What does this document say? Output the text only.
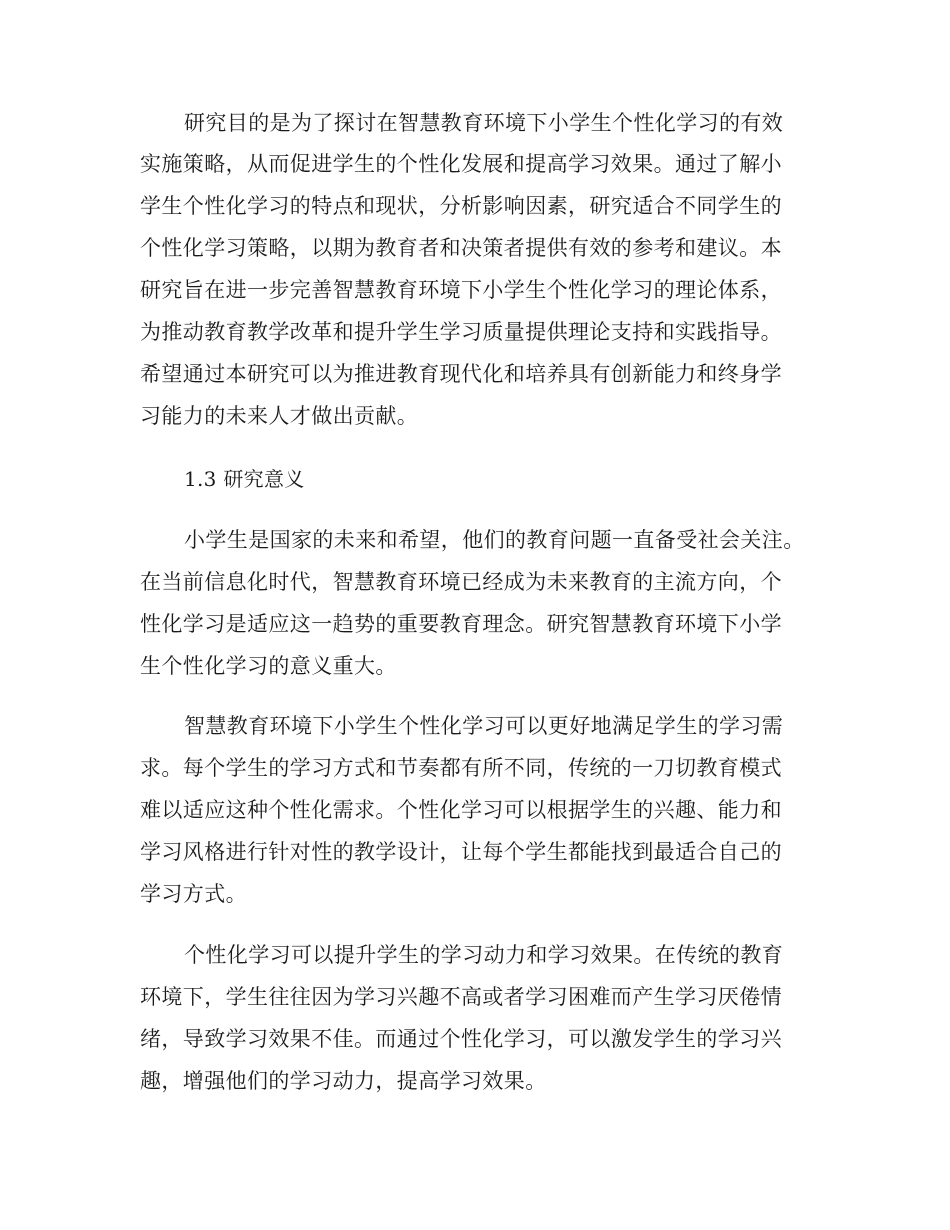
研究目的是为了探讨在智慧教育环境下小学生个性化学习的有效
实施策略，从而促进学生的个性化发展和提高学习效果。通过了解小
学生个性化学习的特点和现状，分析影响因素，研究适合不同学生的
个性化学习策略，以期为教育者和决策者提供有效的参考和建议。本
研究旨在进一步完善智慧教育环境下小学生个性化学习的理论体系，
为推动教育教学改革和提升学生学习质量提供理论支持和实践指导。
希望通过本研究可以为推进教育现代化和培养具有创新能力和终身学
习能力的未来人才做出贡献。
1.3 研究意义
小学生是国家的未来和希望，他们的教育问题一直备受社会关注。
在当前信息化时代，智慧教育环境已经成为未来教育的主流方向，个
性化学习是适应这一趋势的重要教育理念。研究智慧教育环境下小学
生个性化学习的意义重大。
智慧教育环境下小学生个性化学习可以更好地满足学生的学习需
求。每个学生的学习方式和节奏都有所不同，传统的一刀切教育模式
难以适应这种个性化需求。个性化学习可以根据学生的兴趣、能力和
学习风格进行针对性的教学设计，让每个学生都能找到最适合自己的
学习方式。
个性化学习可以提升学生的学习动力和学习效果。在传统的教育
环境下，学生往往因为学习兴趣不高或者学习困难而产生学习厌倦情
绪，导致学习效果不佳。而通过个性化学习，可以激发学生的学习兴
趣，增强他们的学习动力，提高学习效果。
